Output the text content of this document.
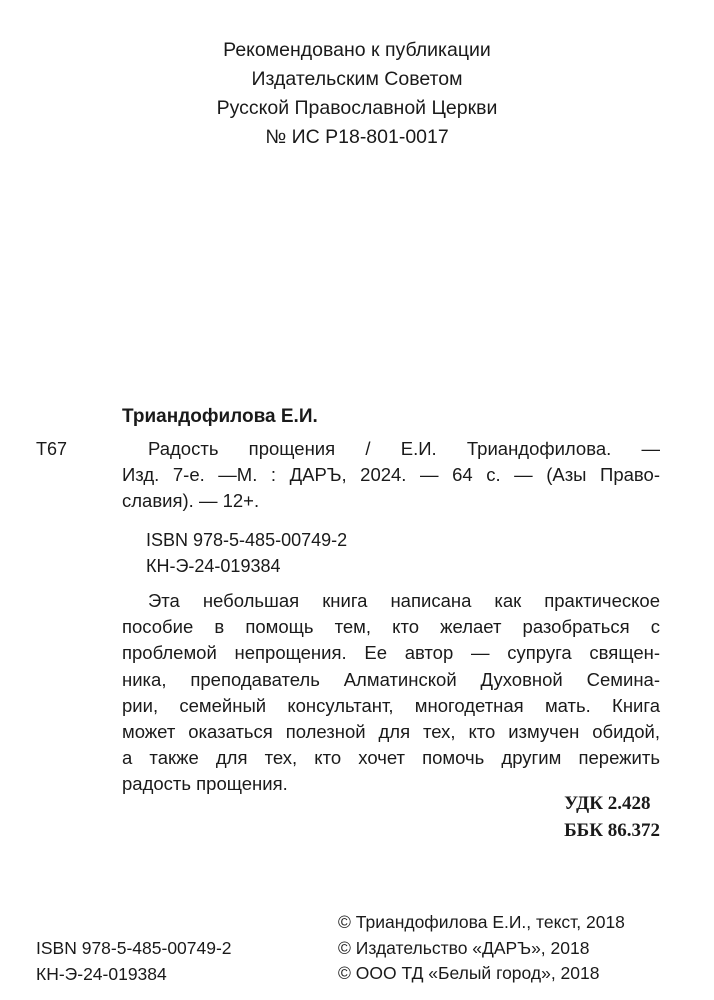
Рекомендовано к публикации
Издательским Советом
Русской Православной Церкви
№ ИС Р18-801-0017
Триандофилова Е.И.
Т67	Радость прощения / Е.И. Триандофилова. —
Изд. 7-е. —М. : ДАРЪ, 2024. — 64 с. — (Азы Право-
славия). — 12+.
ISBN 978-5-485-00749-2
КН-Э-24-019384
Эта небольшая книга написана как практическое
пособие в помощь тем, кто желает разобраться с
проблемой непрощения. Ее автор — супруга священ-
ника, преподаватель Алматинской Духовной Семина-
рии, семейный консультант, многодетная мать. Книга
может оказаться полезной для тех, кто измучен обидой,
а также для тех, кто хочет помочь другим пережить
радость прощения.
УДК 2.428
ББК 86.372
© Триандофилова Е.И., текст, 2018
© Издательство «ДАРЪ», 2018
© ООО ТД «Белый город», 2018
ISBN 978-5-485-00749-2
КН-Э-24-019384
